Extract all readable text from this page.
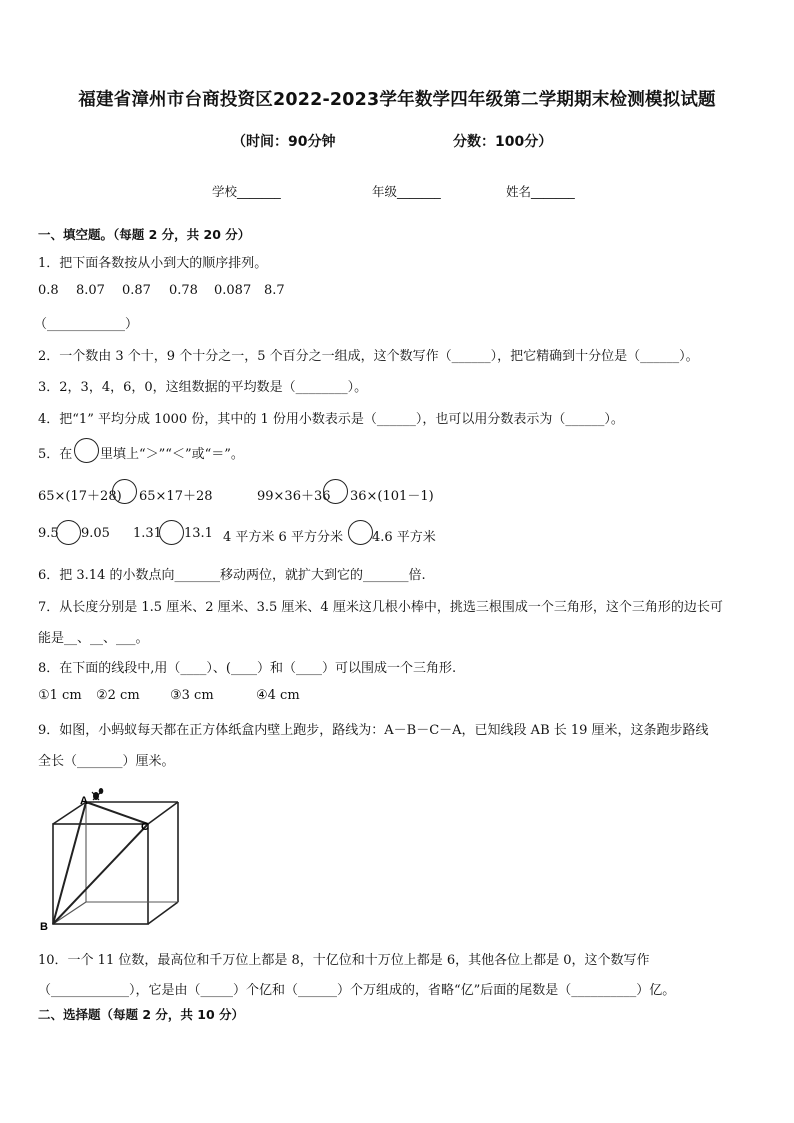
福建省漳州市台商投资区2022-2023学年数学四年级第二学期期末检测模拟试题
（时间：90分钟	分数：100分）
学校_______	年级_______	姓名_______
一、填空题。（每题 2 分，共 20 分）
1．把下面各数按从小到大的顺序排列。
0.8 8.07 0.87 0.78 0.087 8.7
（____________）
2．一个数由 3 个十，9 个十分之一，5 个百分之一组成，这个数写作（______），把它精确到十分位是（______）。
3．2，3，4，6，0，这组数据的平均数是（________）。
4．把“1” 平均分成 1000 份，其中的 1 份用小数表示是（______），也可以用分数表示为（______）。
5．在 里填上“＞”“＜”或“＝”。
65×(17＋28) 65×17＋28	99×36＋36 36×(101－1)
9.5 9.05 1.31 13.1 4 平方米 6 平方分米 4.6 平方米
6．把 3.14 的小数点向_______移动两位，就扩大到它的_______倍.
7．从长度分别是 1.5 厘米、2 厘米、3.5 厘米、4 厘米这几根小棒中，挑选三根围成一个三角形，这个三角形的边长可
能是__、__、___。
8．在下面的线段中,用（____）、(____）和（____）可以围成一个三角形.
①1 cm ②2 cm ③3 cm	④4 cm
9．如图，小蚂蚁每天都在正方体纸盒内壁上跑步，路线为：A－B－C－A，已知线段 AB 长 19 厘米，这条跑步路线
全长（_______）厘米。
A
B
C
10．一个 11 位数，最高位和千万位上都是 8，十亿位和十万位上都是 6，其他各位上都是 0，这个数写作
（____________），它是由（_____）个亿和（______）个万组成的，省略“亿”后面的尾数是（__________）亿。
二、选择题（每题 2 分，共 10 分）
